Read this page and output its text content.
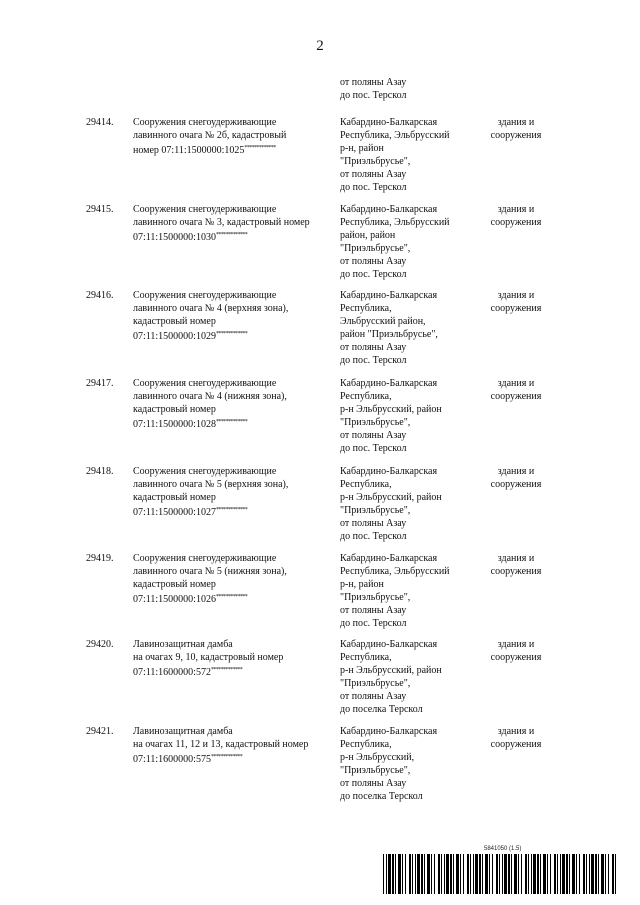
2
от поляны Азау
до пос. Терскол
29414. Сооружения снегоудерживающие
лавинного очага № 2б, кадастровый
номер 07:11:1500000:1025*************
Кабардино-Балкарская
Республика, Эльбрусский
р-н, район
"Приэльбрусье",
от поляны Азау
до пос. Терскол
здания и
сооружения
29415. Сооружения снегоудерживающие
лавинного очага № 3, кадастровый номер
07:11:1500000:1030*************
Кабардино-Балкарская
Республика, Эльбрусский
район, район
"Приэльбрусье",
от поляны Азау
до пос. Терскол
здания и
сооружения
29416. Сооружения снегоудерживающие
лавинного очага № 4 (верхняя зона),
кадастровый номер
07:11:1500000:1029*************
Кабардино-Балкарская
Республика,
Эльбрусский район,
район "Приэльбрусье",
от поляны Азау
до пос. Терскол
здания и
сооружения
29417. Сооружения снегоудерживающие
лавинного очага № 4 (нижняя зона),
кадастровый номер
07:11:1500000:1028*************
Кабардино-Балкарская
Республика,
р-н Эльбрусский, район
"Приэльбрусье",
от поляны Азау
до пос. Терскол
здания и
сооружения
29418. Сооружения снегоудерживающие
лавинного очага № 5 (верхняя зона),
кадастровый номер
07:11:1500000:1027*************
Кабардино-Балкарская
Республика,
р-н Эльбрусский, район
"Приэльбрусье",
от поляны Азау
до пос. Терскол
здания и
сооружения
29419. Сооружения снегоудерживающие
лавинного очага № 5 (нижняя зона),
кадастровый номер
07:11:1500000:1026*************
Кабардино-Балкарская
Республика, Эльбрусский
р-н, район
"Приэльбрусье",
от поляны Азау
до пос. Терскол
здания и
сооружения
29420. Лавинозащитная дамба
на очагах 9, 10, кадастровый номер
07:11:1600000:572*************
Кабардино-Балкарская
Республика,
р-н Эльбрусский, район
"Приэльбрусье",
от поляны Азау
до поселка Терскол
здания и
сооружения
29421. Лавинозащитная дамба
на очагах 11, 12 и 13, кадастровый номер
07:11:1600000:575*************
Кабардино-Балкарская
Республика,
р-н Эльбрусский,
"Приэльбрусье",
от поляны Азау
до поселка Терскол
здания и
сооружения
5841050 (1.5)
